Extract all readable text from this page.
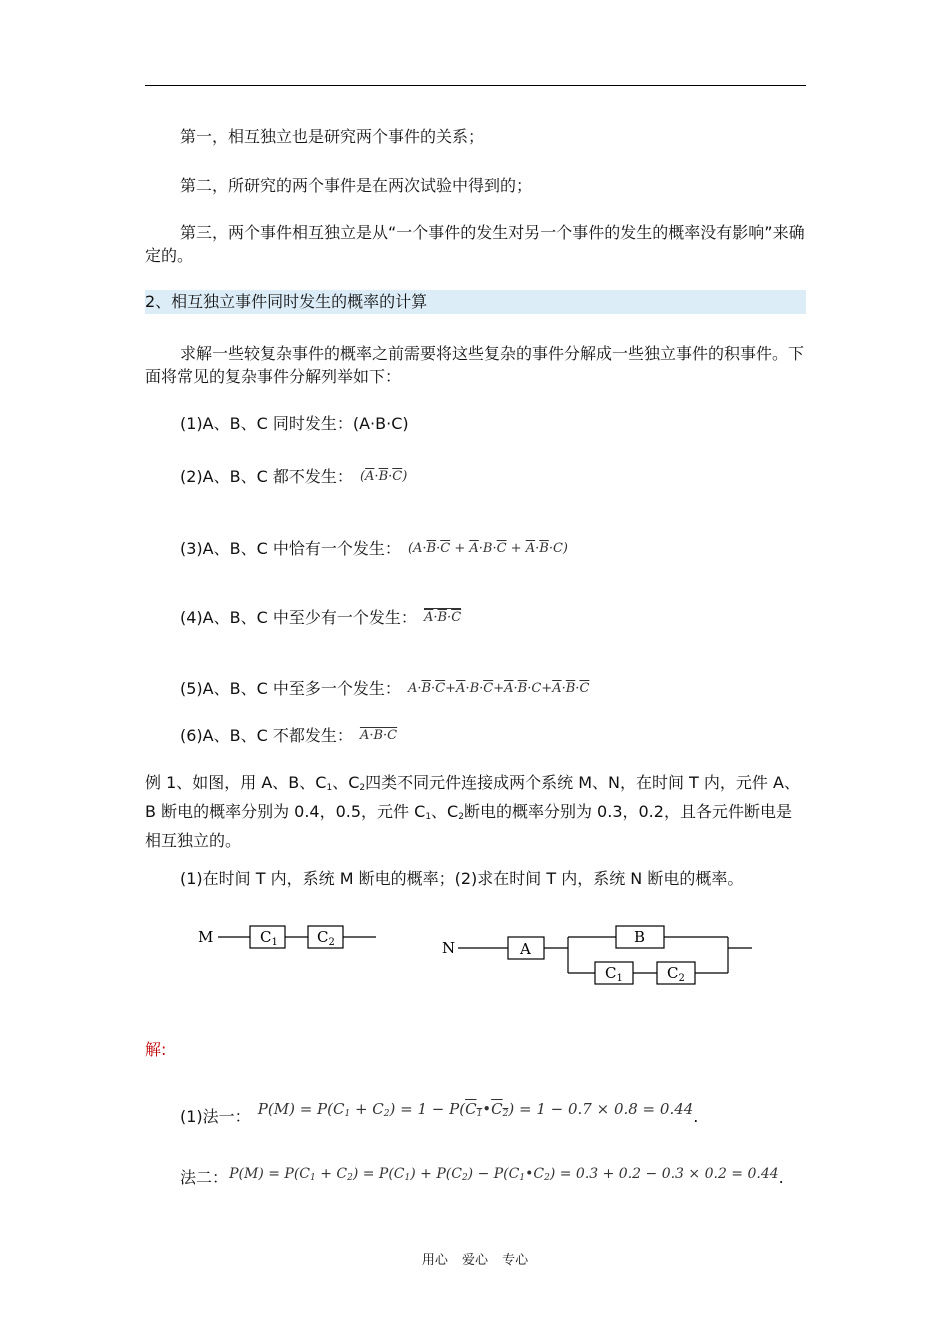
第一，相互独立也是研究两个事件的关系；
第二，所研究的两个事件是在两次试验中得到的；
第三，两个事件相互独立是从“一个事件的发生对另一个事件的发生的概率没有影响”来确定的。
2、相互独立事件同时发生的概率的计算
求解一些较复杂事件的概率之前需要将这些复杂的事件分解成一些独立事件的积事件。下面将常见的复杂事件分解列举如下：
(1)A、B、C 同时发生：(A·B·C)
(2)A、B、C 都不发生： $(\overline{A}\cdot\overline{B}\cdot\overline{C})$
(3)A、B、C 中恰有一个发生： $(A\cdot\overline{B}\cdot\overline{C} + \overline{A}\cdot B\cdot\overline{C} + \overline{A}\cdot\overline{B}\cdot C)$
(4)A、B、C 中至少有一个发生： $\overline{A}\cdot\overline{B}\cdot\overline{C}$
(5)A、B、C 中至多一个发生： $A\cdot\overline{B}\cdot\overline{C}+\overline{A}\cdot B\cdot\overline{C}+\overline{A}\cdot\overline{B}\cdot C+\overline{A}\cdot\overline{B}\cdot\overline{C}$
(6)A、B、C 不都发生： A·B·C
例 1、如图，用 A、B、$C_1$、$C_2$四类不同元件连接成两个系统 M、N，在时间 T 内，元件 A、B 断电的概率分别为 0.4，0.5，元件 $C_1$、$C_2$断电的概率分别为 0.3，0.2，且各元件断电是相互独立的。
(1)在时间 T 内，系统 M 断电的概率；(2)求在时间 T 内，系统 N 断电的概率。
M	$C_1$	$C_2$	N	A
B
$C_1$	$C_2$
解:
(1)法一： $P(M) = P(C_1 + C_2) = 1$ − $P(C_1•C_2) = 1 - 0.7 \times 0.8 = 0.44$.
法二： $P(M) = P(C_1 + C_2) = P(C_1) + P(C_2)$ − $P(C_1•C_2) = 0.3 + 0.2 - 0.3 \times 0.2 = 0.44$.
用心 爱心 专心
